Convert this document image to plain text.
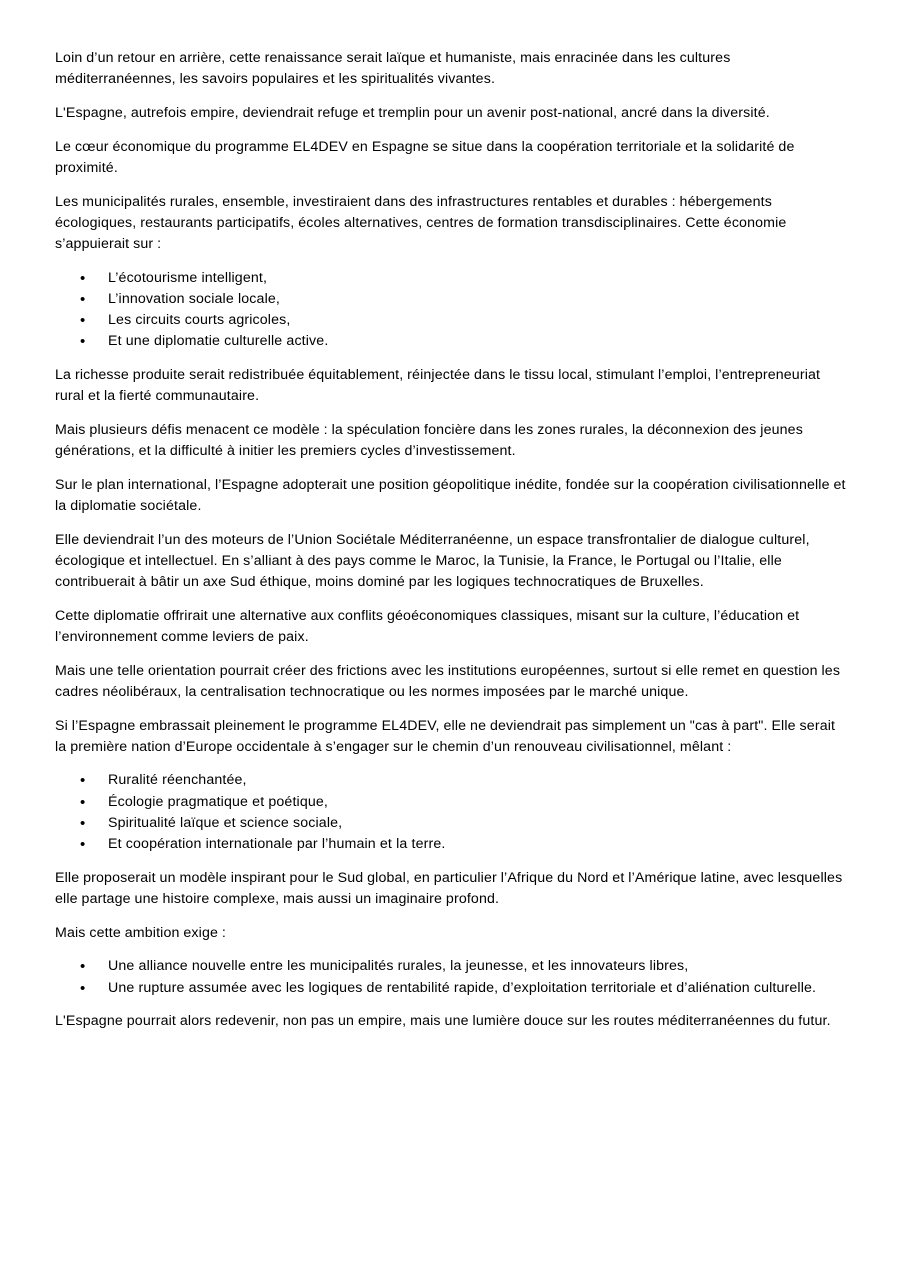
Loin d’un retour en arrière, cette renaissance serait laïque et humaniste, mais enracinée dans les cultures méditerranéennes, les savoirs populaires et les spiritualités vivantes.

L'Espagne, autrefois empire, deviendrait refuge et tremplin pour un avenir post-national, ancré dans la diversité.

Le cœur économique du programme EL4DEV en Espagne se situe dans la coopération territoriale et la solidarité de proximité.

Les municipalités rurales, ensemble, investiraient dans des infrastructures rentables et durables : hébergements écologiques, restaurants participatifs, écoles alternatives, centres de formation transdisciplinaires. Cette économie s’appuierait sur :

•	L’écotourisme intelligent,
•	L’innovation sociale locale,
•	Les circuits courts agricoles,
•	Et une diplomatie culturelle active.

La richesse produite serait redistribuée équitablement, réinjectée dans le tissu local, stimulant l’emploi, l’entrepreneuriat rural et la fierté communautaire.

Mais plusieurs défis menacent ce modèle : la spéculation foncière dans les zones rurales, la déconnexion des jeunes générations, et la difficulté à initier les premiers cycles d’investissement.

Sur le plan international, l’Espagne adopterait une position géopolitique inédite, fondée sur la coopération civilisationnelle et la diplomatie sociétale.

Elle deviendrait l’un des moteurs de l’Union Sociétale Méditerranéenne, un espace transfrontalier de dialogue culturel, écologique et intellectuel. En s’alliant à des pays comme le Maroc, la Tunisie, la France, le Portugal ou l’Italie, elle contribuerait à bâtir un axe Sud éthique, moins dominé par les logiques technocratiques de Bruxelles.

Cette diplomatie offrirait une alternative aux conflits géoéconomiques classiques, misant sur la culture, l’éducation et l’environnement comme leviers de paix.

Mais une telle orientation pourrait créer des frictions avec les institutions européennes, surtout si elle remet en question les cadres néolibéraux, la centralisation technocratique ou les normes imposées par le marché unique.

Si l’Espagne embrassait pleinement le programme EL4DEV, elle ne deviendrait pas simplement un "cas à part". Elle serait la première nation d’Europe occidentale à s’engager sur le chemin d’un renouveau civilisationnel, mêlant :

•	Ruralité réenchantée,
•	Écologie pragmatique et poétique,
•	Spiritualité laïque et science sociale,
•	Et coopération internationale par l’humain et la terre.

Elle proposerait un modèle inspirant pour le Sud global, en particulier l’Afrique du Nord et l’Amérique latine, avec lesquelles elle partage une histoire complexe, mais aussi un imaginaire profond.

Mais cette ambition exige :

•	Une alliance nouvelle entre les municipalités rurales, la jeunesse, et les innovateurs libres,
•	Une rupture assumée avec les logiques de rentabilité rapide, d’exploitation territoriale et d’aliénation culturelle.

L'Espagne pourrait alors redevenir, non pas un empire, mais une lumière douce sur les routes méditerranéennes du futur.
